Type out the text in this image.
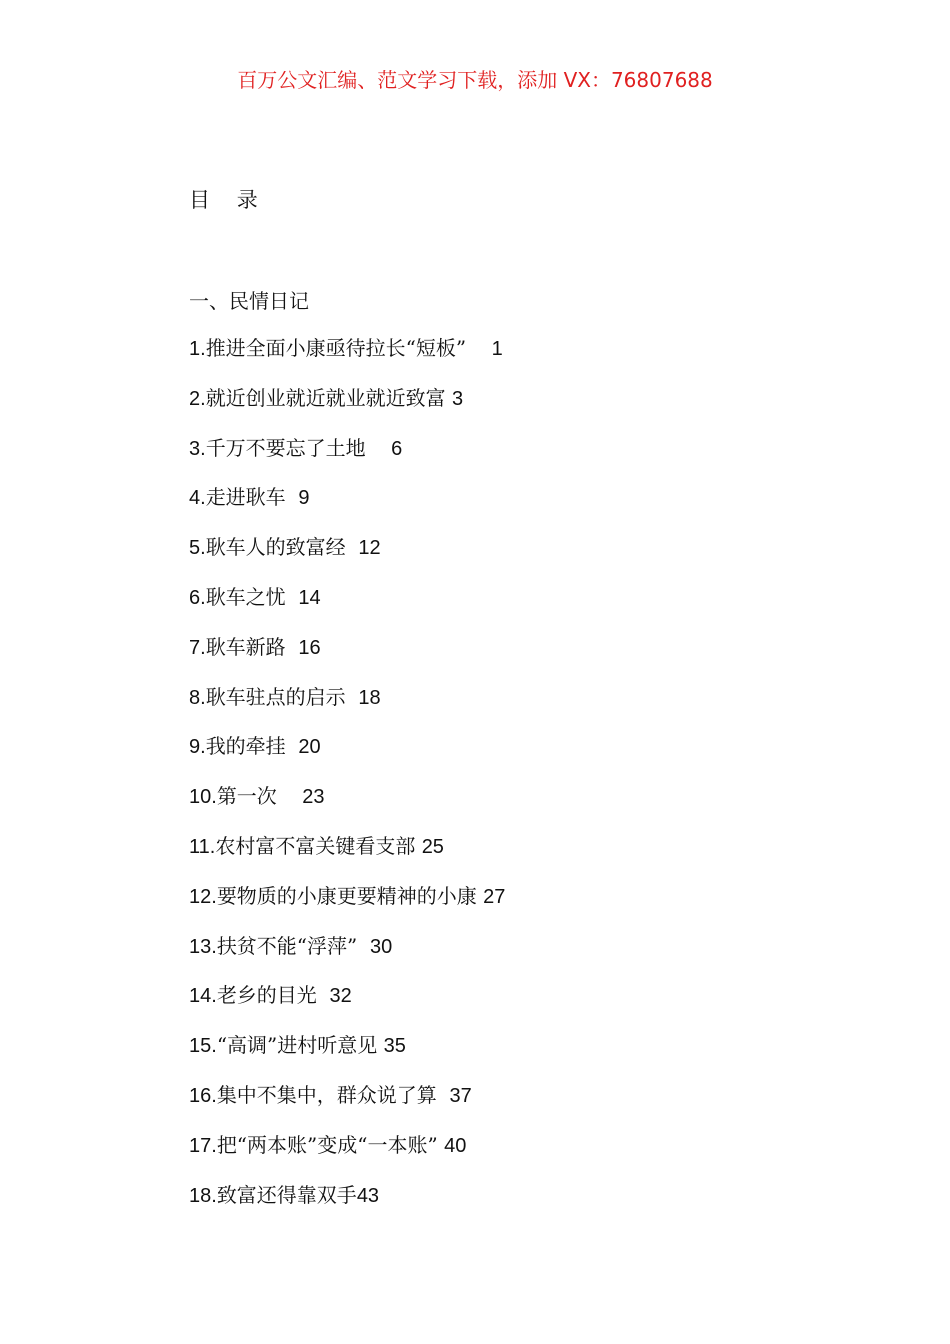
百万公文汇编、范文学习下载，添加 VX：76807688
目    录
一、民情日记
1.推进全面小康亟待拉长“短板” 1
2.就近创业就近就业就近致富 3
3.千万不要忘了土地 6
4.走进耿车 9
5.耿车人的致富经 12
6.耿车之忧 14
7.耿车新路 16
8.耿车驻点的启示 18
9.我的牵挂 20
10.第一次 23
11.农村富不富关键看支部 25
12.要物质的小康更要精神的小康 27
13.扶贫不能“浮萍” 30
14.老乡的目光 32
15.“高调”进村听意见 35
16.集中不集中，群众说了算 37
17.把“两本账”变成“一本账” 40
18.致富还得靠双手43
